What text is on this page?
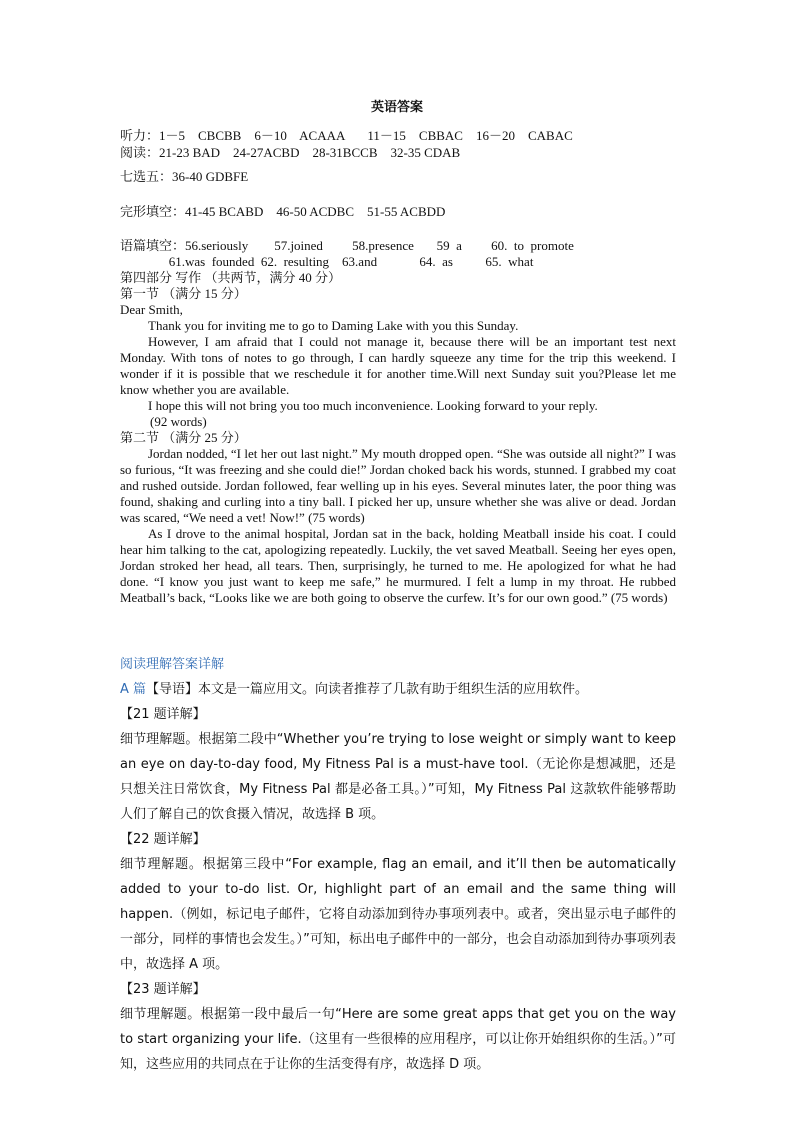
英语答案
听力：1－5    CBCBB    6－10    ACAAA       11－15    CBBAC    16－20    CABAC
阅读：21-23 BAD    24-27ACBD    28-31BCCB    32-35 CDAB
七选五：36-40 GDBFE
完形填空：41-45 BCABD    46-50 ACDBC    51-55 ACBDD
语篇填空：56.seriously        57.joined         58.presence       59  a         60.  to  promote
61.was  founded  62.  resulting    63.and             64.  as          65.  what

第四部分 写作 （共两节，满分 40 分）

第一节 （满分 15 分）

Dear Smith,

Thank you for inviting me to go to Daming Lake with you this Sunday.

However, I am afraid that I could not manage it, because there will be an important test next Monday. With tons of notes to go through, I can hardly squeeze any time for the trip this weekend. I wonder if it is possible that we reschedule it for another time.Will next Sunday suit you?Please let me know whether you are available.

I hope this will not bring you too much inconvenience. Looking forward to your reply.

(92 words)

第二节 （满分 25 分）

Jordan nodded, “I let her out last night.” My mouth dropped open. “She was outside all night?” I was so furious, “It was freezing and she could die!” Jordan choked back his words, stunned. I grabbed my coat and rushed outside. Jordan followed, fear welling up in his eyes. Several minutes later, the poor thing was found, shaking and curling into a tiny ball. I picked her up, unsure whether she was alive or dead. Jordan was scared, “We need a vet! Now!” (75 words)

As I drove to the animal hospital, Jordan sat in the back, holding Meatball inside his coat. I could hear him talking to the cat, apologizing repeatedly. Luckily, the vet saved Meatball. Seeing her eyes open, Jordan stroked her head, all tears. Then, surprisingly, he turned to me. He apologized for what he had done. “I know you just want to keep me safe,” he murmured. I felt a lump in my throat. He rubbed Meatball’s back, “Looks like we are both going to observe the curfew. It’s for our own good.” (75 words)

阅读理解答案详解

A 篇【导语】本文是一篇应用文。向读者推荐了几款有助于组织生活的应用软件。

【21 题详解】

细节理解题。根据第二段中“Whether you’re trying to lose weight or simply want to keep an eye on day-to-day food, My Fitness Pal is a must-have tool.（无论你是想减肥，还是只想关注日常饮食，My Fitness Pal 都是必备工具。）”可知，My Fitness Pal 这款软件能够帮助人们了解自己的饮食摄入情况，故选择 B 项。

【22 题详解】

细节理解题。根据第三段中“For example, flag an email, and it’ll then be automatically added to your to-do list. Or, highlight part of an email and the same thing will happen.（例如，标记电子邮件，它将自动添加到待办事项列表中。或者，突出显示电子邮件的一部分，同样的事情也会发生。）”可知，标出电子邮件中的一部分，也会自动添加到待办事项列表中，故选择 A 项。

【23 题详解】

细节理解题。根据第一段中最后一句“Here are some great apps that get you on the way to start organizing your life.（这里有一些很棒的应用程序，可以让你开始组织你的生活。）”可知，这些应用的共同点在于让你的生活变得有序，故选择 D 项。
